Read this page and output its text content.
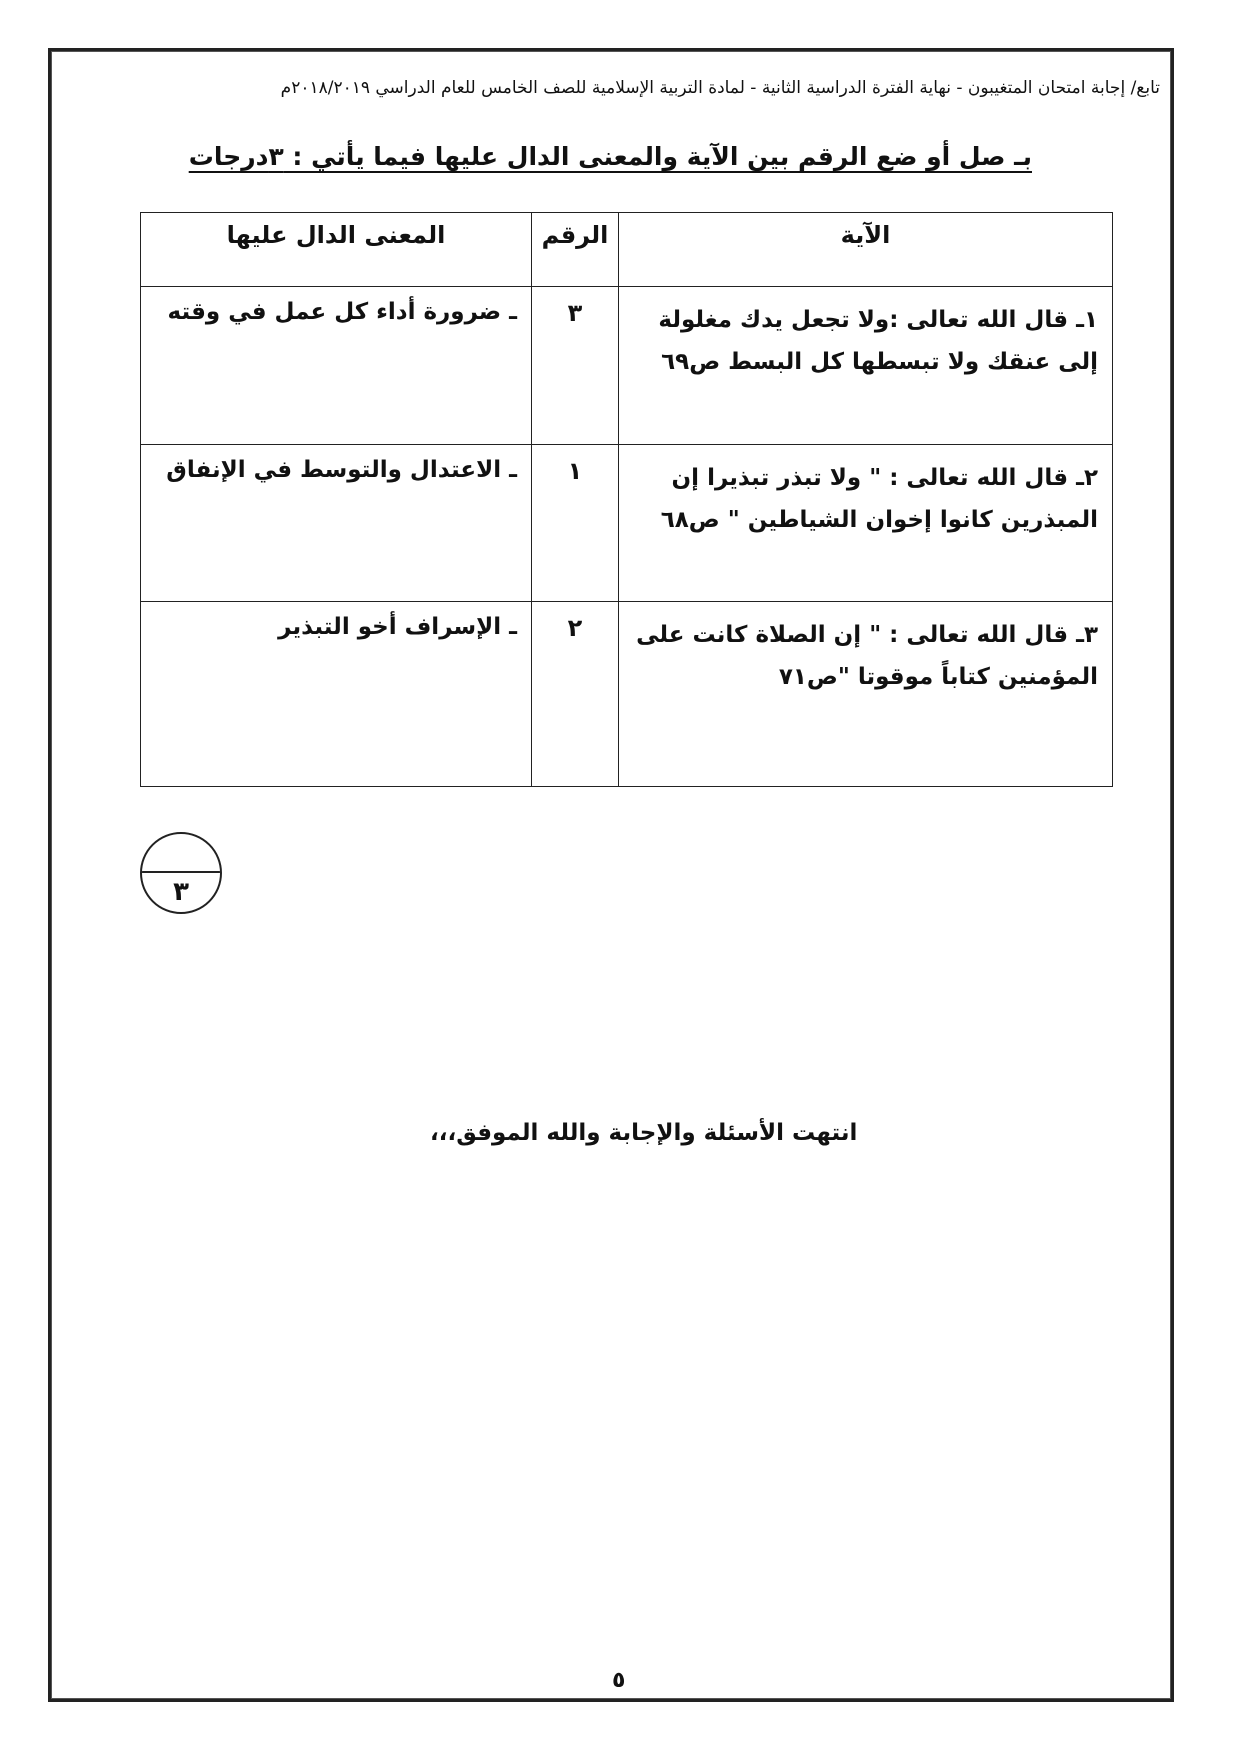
تابع/ إجابة امتحان المتغيبون - نهاية الفترة الدراسية الثانية - لمادة التربية الإسلامية للصف الخامس للعام الدراسي ٢٠١٨/٢٠١٩م
بـ صل أو ضع الرقم بين الآية والمعنى الدال عليها فيما يأتي : ٣درجات
الآية	الرقم	المعنى الدال عليها
١ـ قال الله تعالى :ولا تجعل يدك مغلولة إلى عنقك ولا تبسطها كل البسط ص٦٩	٣	ـ ضرورة أداء كل عمل في وقته
٢ـ قال الله تعالى : " ولا تبذر تبذيرا إن المبذرين كانوا إخوان الشياطين " ص٦٨	١	ـ الاعتدال والتوسط في الإنفاق
٣ـ قال الله تعالى : " إن الصلاة كانت على المؤمنين كتاباً موقوتا "ص٧١	٢	ـ الإسراف أخو التبذير
٣
انتهت الأسئلة والإجابة والله الموفق،،،
٥
